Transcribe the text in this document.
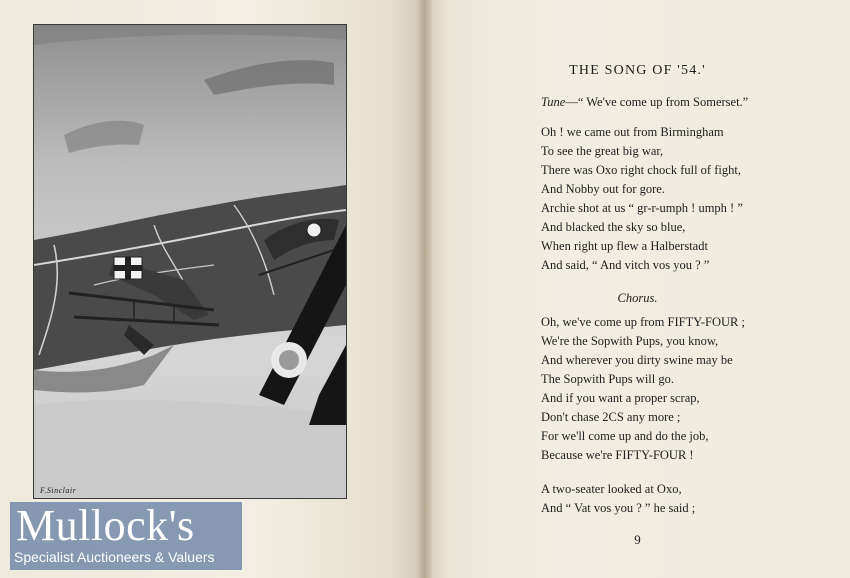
F.Sinclair
THE SONG OF '54.'
Tune—“ We've come up from Somerset.”
Oh ! we came out from Birmingham
To see the great big war,
There was Oxo right chock full of fight,
And Nobby out for gore.
Archie shot at us “ gr-r-umph ! umph ! ”
And blacked the sky so blue,
When right up flew a Halberstadt
And said, “ And vitch vos you ? ”
Chorus.
Oh, we've come up from FIFTY-FOUR ;
We're the Sopwith Pups, you know,
And wherever you dirty swine may be
The Sopwith Pups will go.
And if you want a proper scrap,
Don't chase 2CS any more ;
For we'll come up and do the job,
Because we're FIFTY-FOUR !
A two-seater looked at Oxo,
And “ Vat vos you ? ” he said ;
9
Mullock's
Specialist Auctioneers & Valuers
